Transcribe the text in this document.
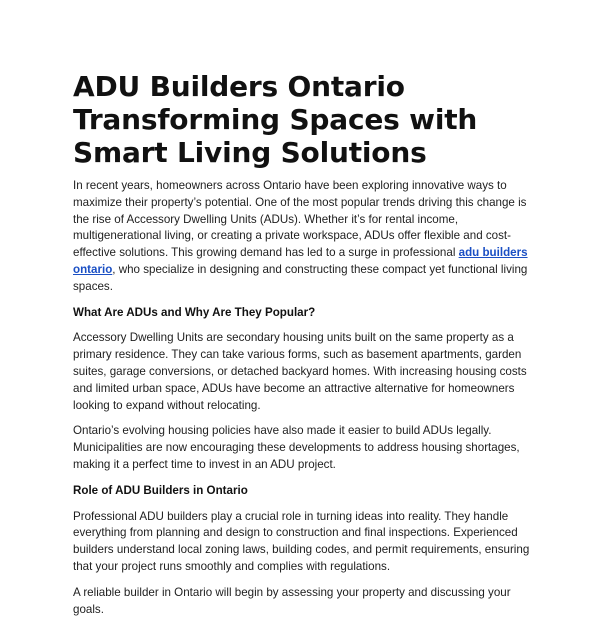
ADU Builders Ontario
Transforming Spaces with
Smart Living Solutions

In recent years, homeowners across Ontario have been exploring innovative ways to maximize their property’s potential. One of the most popular trends driving this change is the rise of Accessory Dwelling Units (ADUs). Whether it’s for rental income, multigenerational living, or creating a private workspace, ADUs offer flexible and cost-effective solutions. This growing demand has led to a surge in professional adu builders ontario, who specialize in designing and constructing these compact yet functional living spaces.

What Are ADUs and Why Are They Popular?

Accessory Dwelling Units are secondary housing units built on the same property as a primary residence. They can take various forms, such as basement apartments, garden suites, garage conversions, or detached backyard homes. With increasing housing costs and limited urban space, ADUs have become an attractive alternative for homeowners looking to expand without relocating.

Ontario’s evolving housing policies have also made it easier to build ADUs legally. Municipalities are now encouraging these developments to address housing shortages, making it a perfect time to invest in an ADU project.

Role of ADU Builders in Ontario

Professional ADU builders play a crucial role in turning ideas into reality. They handle everything from planning and design to construction and final inspections. Experienced builders understand local zoning laws, building codes, and permit requirements, ensuring that your project runs smoothly and complies with regulations.

A reliable builder in Ontario will begin by assessing your property and discussing your goals.
